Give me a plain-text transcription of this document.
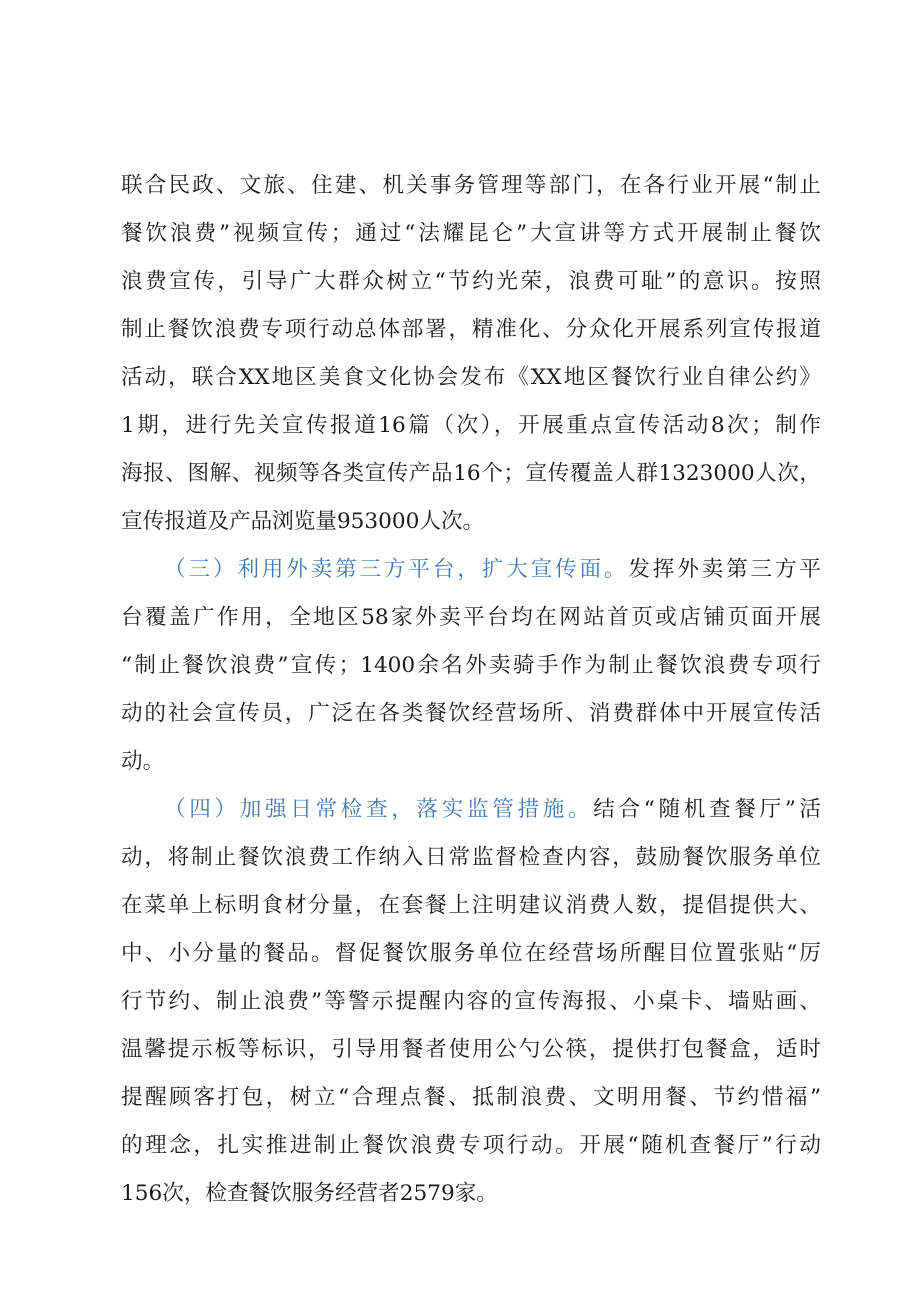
联合民政、文旅、住建、机关事务管理等部门，在各行业开展“制止
餐饮浪费”视频宣传；通过“法耀昆仑”大宣讲等方式开展制止餐饮
浪费宣传，引导广大群众树立“节约光荣，浪费可耻”的意识。按照
制止餐饮浪费专项行动总体部署，精准化、分众化开展系列宣传报道
活动，联合XX地区美食文化协会发布《XX地区餐饮行业自律公约》
1期，进行先关宣传报道16篇（次），开展重点宣传活动8次；制作
海报、图解、视频等各类宣传产品16个；宣传覆盖人群1323000人次，
宣传报道及产品浏览量953000人次。
（三）利用外卖第三方平台，扩大宣传面。发挥外卖第三方平
台覆盖广作用，全地区58家外卖平台均在网站首页或店铺页面开展
“制止餐饮浪费”宣传；1400余名外卖骑手作为制止餐饮浪费专项行
动的社会宣传员，广泛在各类餐饮经营场所、消费群体中开展宣传活
动。
（四）加强日常检查，落实监管措施。结合“随机查餐厅”活
动，将制止餐饮浪费工作纳入日常监督检查内容，鼓励餐饮服务单位
在菜单上标明食材分量，在套餐上注明建议消费人数，提倡提供大、
中、小分量的餐品。督促餐饮服务单位在经营场所醒目位置张贴“厉
行节约、制止浪费”等警示提醒内容的宣传海报、小桌卡、墙贴画、
温馨提示板等标识，引导用餐者使用公勺公筷，提供打包餐盒，适时
提醒顾客打包，树立“合理点餐、抵制浪费、文明用餐、节约惜福”
的理念，扎实推进制止餐饮浪费专项行动。开展“随机查餐厅”行动
156次，检查餐饮服务经营者2579家。
